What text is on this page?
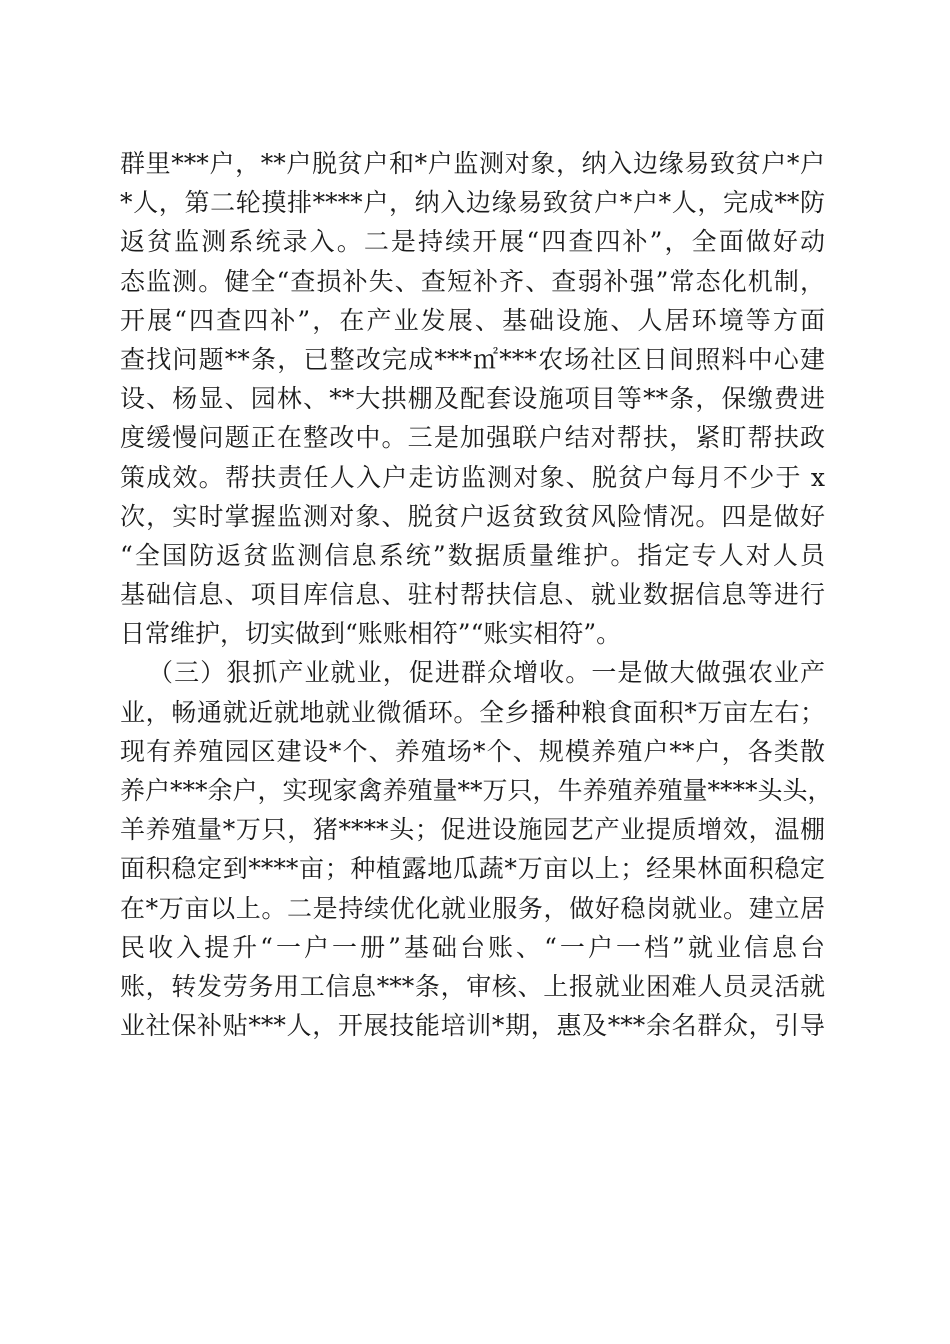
群里***户，**户脱贫户和*户监测对象，纳入边缘易致贫户*户
*人，第二轮摸排****户，纳入边缘易致贫户*户*人，完成**防
返贫监测系统录入。二是持续开展“四查四补”，全面做好动
态监测。健全“查损补失、查短补齐、查弱补强”常态化机制，
开展“四查四补”，在产业发展、基础设施、人居环境等方面
查找问题**条，已整改完成***㎡***农场社区日间照料中心建
设、杨显、园林、**大拱棚及配套设施项目等**条，保缴费进
度缓慢问题正在整改中。三是加强联户结对帮扶，紧盯帮扶政
策成效。帮扶责任人入户走访监测对象、脱贫户每月不少于 x
次，实时掌握监测对象、脱贫户返贫致贫风险情况。四是做好
“全国防返贫监测信息系统”数据质量维护。指定专人对人员
基础信息、项目库信息、驻村帮扶信息、就业数据信息等进行
日常维护，切实做到“账账相符”“账实相符”。
（三）狠抓产业就业，促进群众增收。一是做大做强农业产
业，畅通就近就地就业微循环。全乡播种粮食面积*万亩左右；
现有养殖园区建设*个、养殖场*个、规模养殖户**户，各类散
养户***余户，实现家禽养殖量**万只，牛养殖养殖量****头头，
羊养殖量*万只，猪****头；促进设施园艺产业提质增效，温棚
面积稳定到****亩；种植露地瓜蔬*万亩以上；经果林面积稳定
在*万亩以上。二是持续优化就业服务，做好稳岗就业。建立居
民收入提升“一户一册”基础台账、“一户一档”就业信息台
账，转发劳务用工信息***条，审核、上报就业困难人员灵活就
业社保补贴***人，开展技能培训*期，惠及***余名群众，引导
